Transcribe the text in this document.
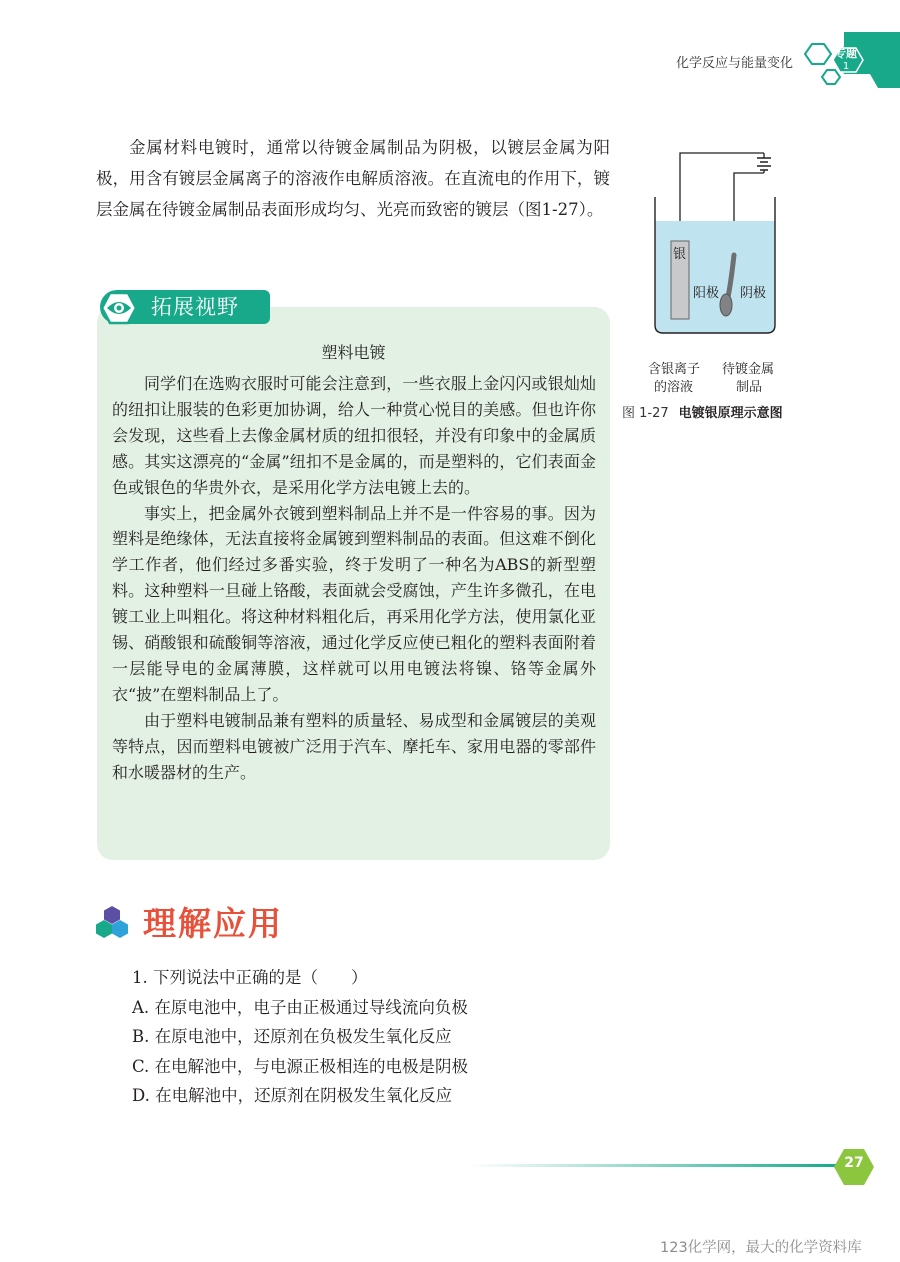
化学反应与能量变化
专题
1
金属材料电镀时，通常以待镀金属制品为阴极，以镀层金属为阳极，用含有镀层金属离子的溶液作电解质溶液。在直流电的作用下，镀层金属在待镀金属制品表面形成均匀、光亮而致密的镀层（图1-27）。
银
阳极 阴极
含银离子
的溶液
待镀金属
制品
图 1-27 电镀银原理示意图
拓展视野
塑料电镀

同学们在选购衣服时可能会注意到，一些衣服上金闪闪或银灿灿的纽扣让服装的色彩更加协调，给人一种赏心悦目的美感。但也许你会发现，这些看上去像金属材质的纽扣很轻，并没有印象中的金属质感。其实这漂亮的“金属”纽扣不是金属的，而是塑料的，它们表面金色或银色的华贵外衣，是采用化学方法电镀上去的。

事实上，把金属外衣镀到塑料制品上并不是一件容易的事。因为塑料是绝缘体，无法直接将金属镀到塑料制品的表面。但这难不倒化学工作者，他们经过多番实验，终于发明了一种名为ABS的新型塑料。这种塑料一旦碰上铬酸，表面就会受腐蚀，产生许多微孔，在电镀工业上叫粗化。将这种材料粗化后，再采用化学方法，使用氯化亚锡、硝酸银和硫酸铜等溶液，通过化学反应使已粗化的塑料表面附着一层能导电的金属薄膜，这样就可以用电镀法将镍、铬等金属外衣“披”在塑料制品上了。

由于塑料电镀制品兼有塑料的质量轻、易成型和金属镀层的美观等特点，因而塑料电镀被广泛用于汽车、摩托车、家用电器的零部件和水暖器材的生产。

理解应用
1. 下列说法中正确的是（　　）
A. 在原电池中，电子由正极通过导线流向负极
B. 在原电池中，还原剂在负极发生氧化反应
C. 在电解池中，与电源正极相连的电极是阴极
D. 在电解池中，还原剂在阴极发生氧化反应
27
123化学网，最大的化学资料库
